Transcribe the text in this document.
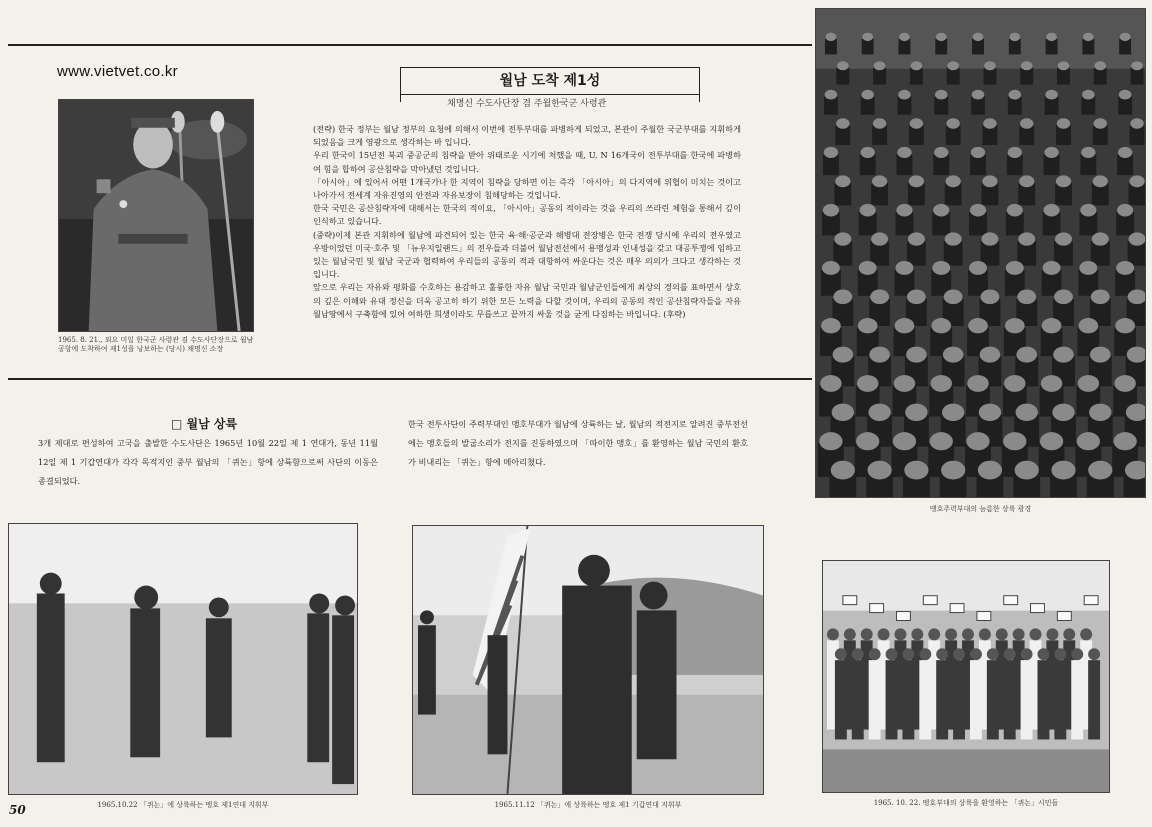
www.vietvet.co.kr
1965. 8. 21., 외요 미일 한국군 사령관 겸 수도사단장으로 월남 공항에 도착하여 제1성을 낭보하는 (당시) 채명신 소장
월남 도착 제1성
채명신 수도사단장 겸 주월한국군 사령관

(전략) 한국 정부는 월남 정부의 요청에 의해서 이번에 전투부대를 파병하게 되었고, 본관이 주월한 국군부대를 지휘하게 되었음을 크게 영광으로 생각하는 바 입니다.

우리 한국이 15년전 북괴 중공군의 침략을 받아 위태로운 시기에 처했을 때, U. N 16개국이 전투부대를 한국에 파병하여 힘을 합하여 공산침략을 막아냈던 것입니다.

「아시아」에 있어서 어떤 1개국가나 한 지역이 침략을 당하면 이는 즉각 「아시아」의 다지역에 위협이 미치는 것이고 나아가서 전세계 자유진영의 안전과 자유보장이 침해당하는 것입니다.

한국 국민은 공산침략자에 대해서는 한국의 적이요, 「아시아」공동의 적이라는 것을 우리의 쓰라린 체험을 통해서 깊이 인식하고 있습니다.

(중략)이제 본관 지휘하에 월남에 파견되어 있는 한국 육·해·공군과 해병대 전장병은 한국 전쟁 당시에 우리의 전우였고 우방이었던 미국·호주 및 「뉴우지일랜드」의 전우들과 더불어 월남전선에서 용맹성과 인내성을 갖고 대공투쟁에 임하고 있는 월남국민 및 월남 국군과 협력하여 우리들의 공동의 적과 대항하여 싸운다는 것은 매우 의의가 크다고 생각하는 것입니다.

앞으로 우리는 자유와 평화를 수호하는 용감하고 훌륭한 자유 월남 국민과 월남군인들에게 최상의 경의를 표하면서 상호의 깊은 이해와 유대 정신을 더욱 공고히 하기 위한 모든 노력을 다할 것이며, 우리의 공동의 적인 공산침략자들을 자유 월남땅에서 구축함에 있어 여하한 희생이라도 무릅쓰고 끝까지 싸울 것을 굳게 다짐하는 바입니다. (후략)

맹호주력부대의 늠름한 상륙 광경
□ 월남 상륙
3개 제대로 편성하여 고국을 출발한 수도사단은 1965년 10월 22일 제 1 연대가, 동년 11월 12일 제 1 기갑연대가 각각 목적지인 중부 월남의 「퀴논」항에 상륙함으로써 사단의 이동은 종결되었다.
한국 전투사단이 주력부대인 맹호부대가 월남에 상륙하는 날, 월남의 적전지로 알려진 중부전선에는 맹호들의 발굽소리가 전지를 진동하였으며 「따이한 맹호」를 환영하는 월남 국민의 환호가 비내리는 「퀴논」항에 메아리쳤다.
1965.10.22 「퀴논」에 상륙하는 맹호 제1연대 지휘부	1965.11.12 「퀴논」에 상륙하는 맹호 제1 기갑연대 지휘부	1965. 10. 22. 맹호부대의 상륙을 환영하는 「퀴논」시민들
50
